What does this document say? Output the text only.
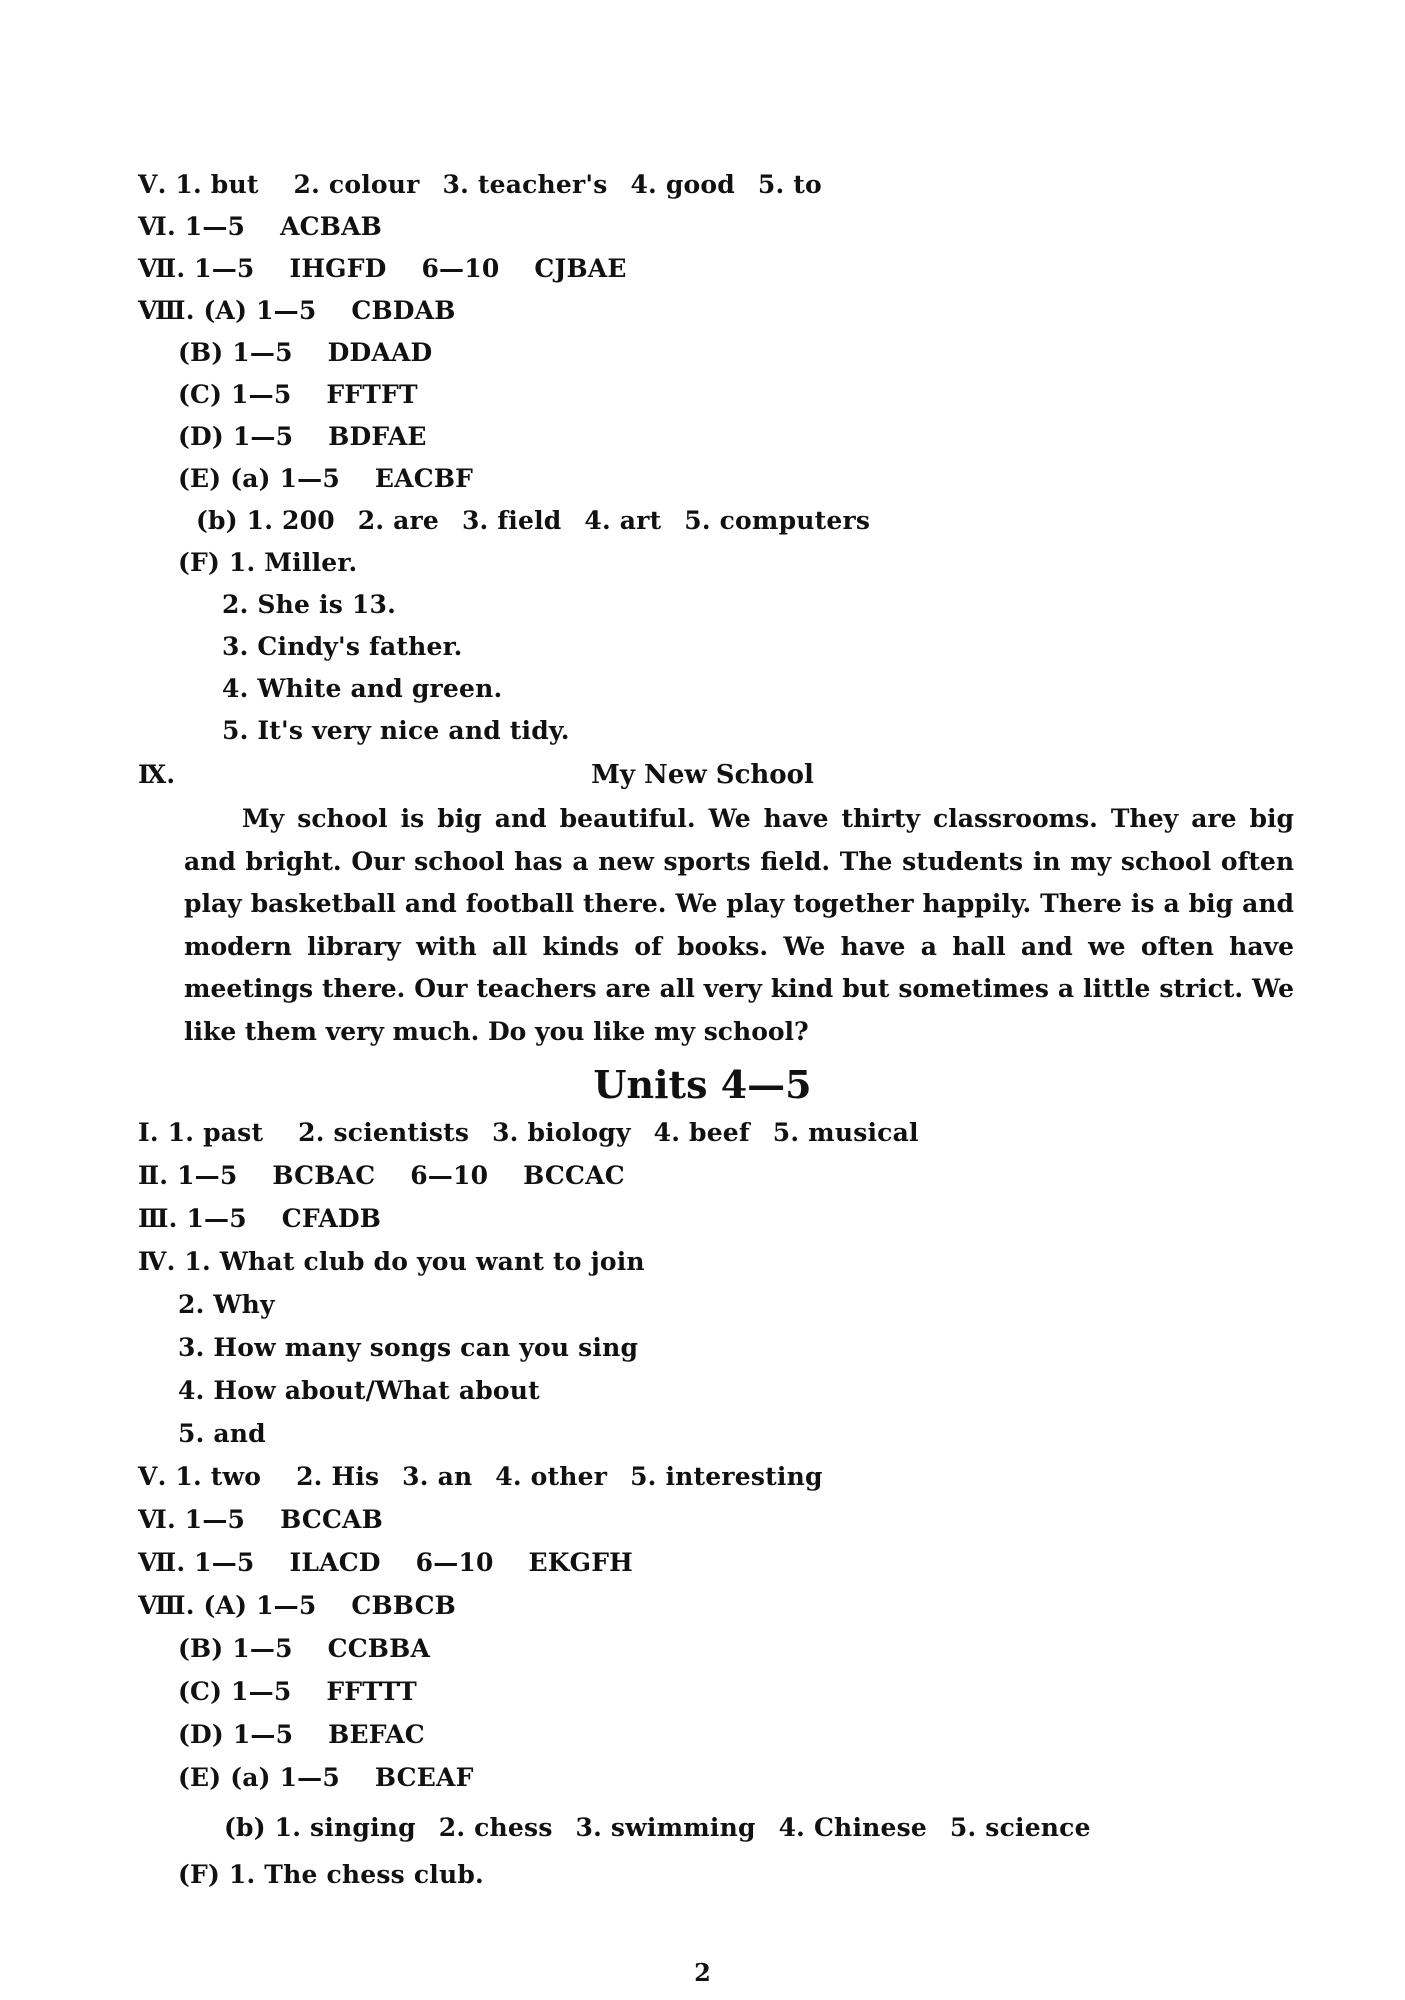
Ⅴ. 1. but 2. colour 3. teacher's 4. good 5. to
Ⅵ. 1—5 ACBAB
Ⅶ. 1—5 IHGFD 6—10 CJBAE
Ⅷ. (A) 1—5 CBDAB
(B) 1—5 DDAAD
(C) 1—5 FFTFT
(D) 1—5 BDFAE
(E) (a) 1—5 EACBF
(b) 1. 200 2. are 3. field 4. art 5. computers
(F) 1. Miller.
2. She is 13.
3. Cindy's father.
4. White and green.
5. It's very nice and tidy.
Ⅸ.	My New School
My school is big and beautiful. We have thirty classrooms. They are big and bright. Our school has a new sports field. The students in my school often play basketball and football there. We play together happily. There is a big and modern library with all kinds of books. We have a hall and we often have meetings there. Our teachers are all very kind but sometimes a little strict. We like them very much. Do you like my school?
Units 4—5
Ⅰ. 1. past 2. scientists 3. biology 4. beef 5. musical
Ⅱ. 1—5 BCBAC 6—10 BCCAC
Ⅲ. 1—5 CFADB
Ⅳ. 1. What club do you want to join
2. Why
3. How many songs can you sing
4. How about/What about
5. and
Ⅴ. 1. two 2. His 3. an 4. other 5. interesting
Ⅵ. 1—5 BCCAB
Ⅶ. 1—5 ILACD 6—10 EKGFH
Ⅷ. (A) 1—5 CBBCB
(B) 1—5 CCBBA
(C) 1—5 FFTTT
(D) 1—5 BEFAC
(E) (a) 1—5 BCEAF
(b) 1. singing 2. chess 3. swimming 4. Chinese 5. science
(F) 1. The chess club.
2
